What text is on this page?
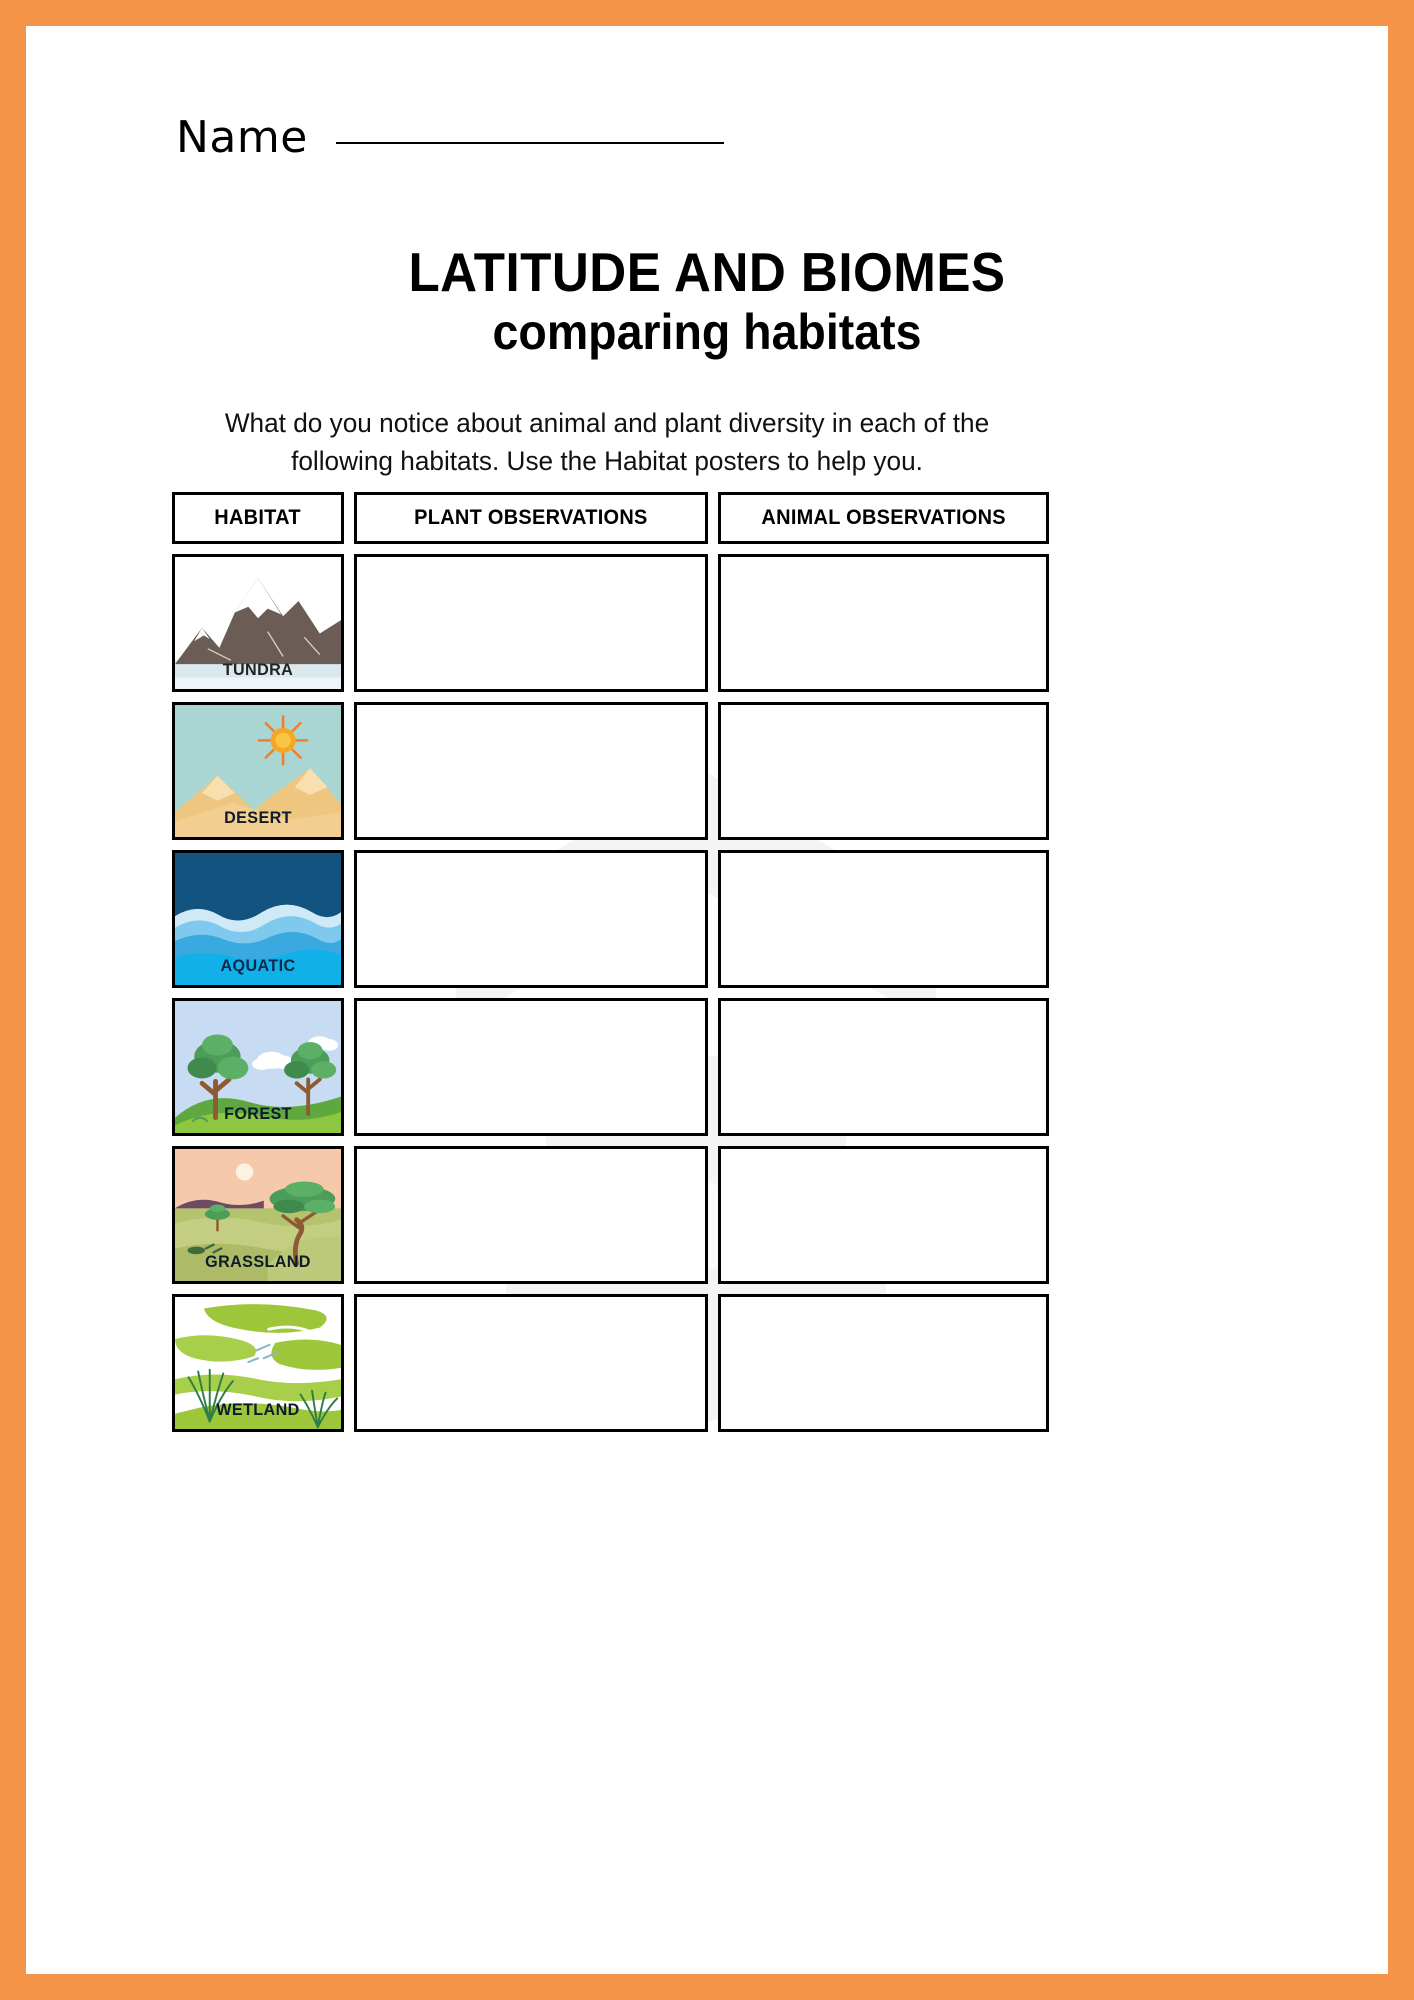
Name
LATITUDE AND BIOMES
comparing habitats
What do you notice about animal and plant diversity in each of the following habitats. Use the Habitat posters to help you.
HABITAT	PLANT OBSERVATIONS	ANIMAL OBSERVATIONS
TUNDRA
DESERT
AQUATIC
FOREST
GRASSLAND
WETLAND
